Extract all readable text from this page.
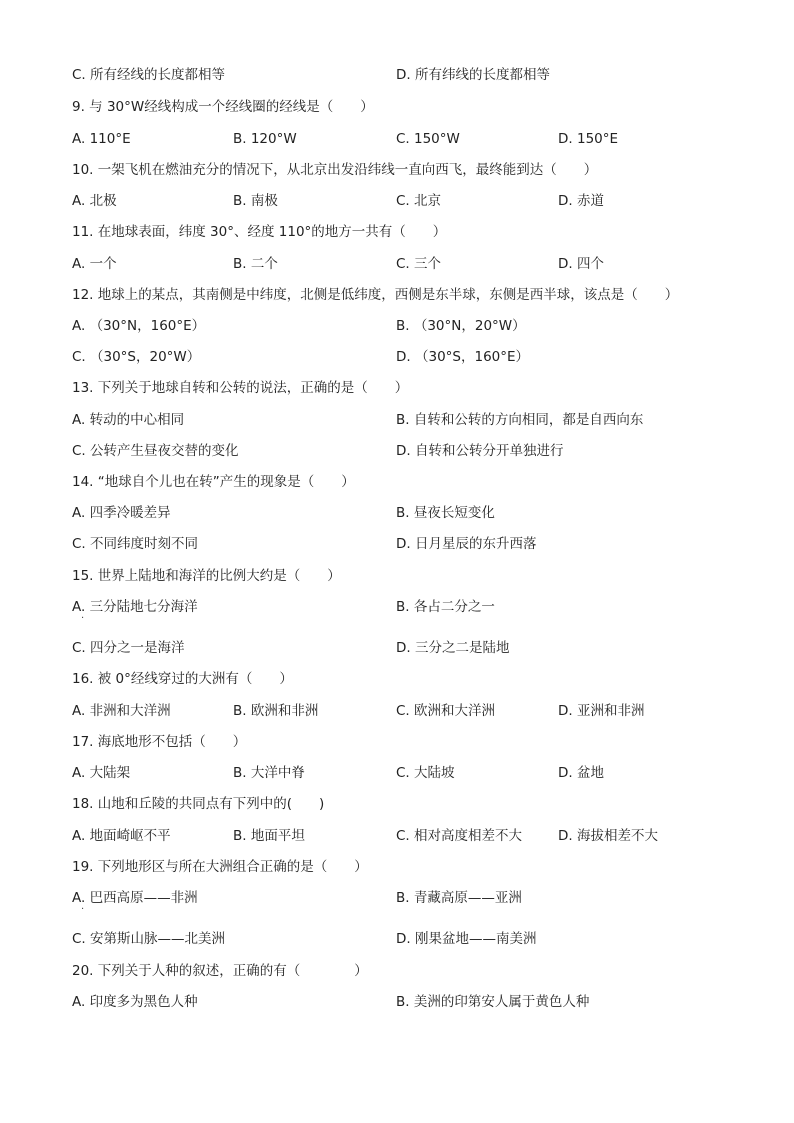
C. 所有经线的长度都相等	D. 所有纬线的长度都相等
9. 与 30°W经线构成一个经线圈的经线是（　　）
A. 110°E	B. 120°W	C. 150°W	D. 150°E
10. 一架飞机在燃油充分的情况下，从北京出发沿纬线一直向西飞，最终能到达（　　）
A. 北极	B. 南极	C. 北京	D. 赤道
11. 在地球表面，纬度 30°、经度 110°的地方一共有（　　）
A. 一个	B. 二个	C. 三个	D. 四个
12. 地球上的某点，其南侧是中纬度，北侧是低纬度，西侧是东半球，东侧是西半球，该点是（　　）
A. （30°N，160°E）	B. （30°N，20°W）
C. （30°S，20°W）	D. （30°S，160°E）
13. 下列关于地球自转和公转的说法，正确的是（　　）
A. 转动的中心相同	B. 自转和公转的方向相同，都是自西向东
C. 公转产生昼夜交替的变化	D. 自转和公转分开单独进行
14. “地球自个儿也在转”产生的现象是（　　）
A. 四季冷暖差异	B. 昼夜长短变化
C. 不同纬度时刻不同	D. 日月星辰的东升西落
15. 世界上陆地和海洋的比例大约是（　　）
A. 三分陆地七分海洋
·
B. 各占二分之一
C. 四分之一是海洋	D. 三分之二是陆地
16. 被 0°经线穿过的大洲有（　　）
A. 非洲和大洋洲	B. 欧洲和非洲	C. 欧洲和大洋洲	D. 亚洲和非洲
17. 海底地形不包括（　　）
A. 大陆架	B. 大洋中脊	C. 大陆坡	D. 盆地
18. 山地和丘陵的共同点有下列中的(　　)
A. 地面崎岖不平	B. 地面平坦	C. 相对高度相差不大	D. 海拔相差不大
19. 下列地形区与所在大洲组合正确的是（　　）
A. 巴西高原——非洲
·
B. 青藏高原——亚洲
C. 安第斯山脉——北美洲	D. 刚果盆地——南美洲
20. 下列关于人种的叙述，正确的有（　　　　）
A. 印度多为黑色人种	B. 美洲的印第安人属于黄色人种
